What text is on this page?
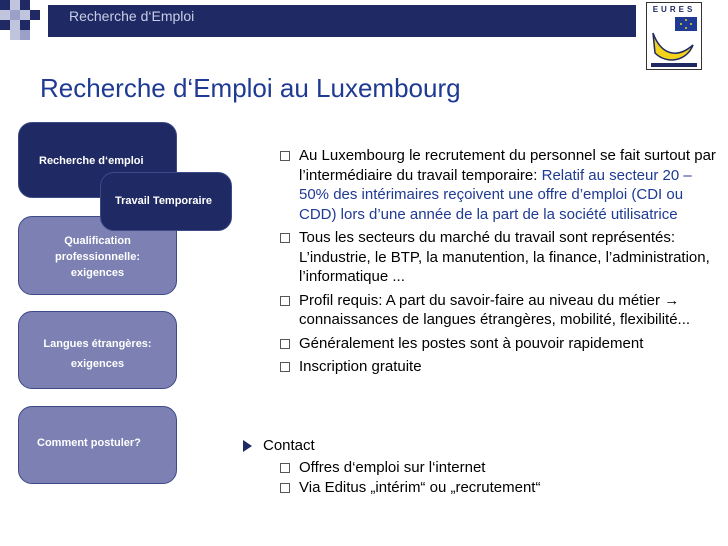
Recherche d‘Emploi	EURES
Recherche d‘Emploi au Luxembourg
Recherche d‘emploi
Qualification
professionnelle:
exigences
Travail Temporaire
Langues étrangères:
exigences
Comment postuler?
Au Luxembourg le recrutement du personnel se fait surtout par l’intermédiaire du travail temporaire: Relatif au secteur 20 – 50% des intérimaires reçoivent une offre d’emploi (CDI ou CDD) lors d’une année de la part de la société utilisatrice
Tous les secteurs du marché du travail sont représentés: L’industrie, le BTP, la manutention, la finance, l’administration, l’informatique ...
Profil requis: A part du savoir-faire au niveau du métier → connaissances de langues étrangères, mobilité, flexibilité...
Généralement les postes sont à pouvoir rapidement
Inscription gratuite
Contact
Offres d‘emploi sur l‘internet
Via Editus „intérim“ ou „recrutement“
